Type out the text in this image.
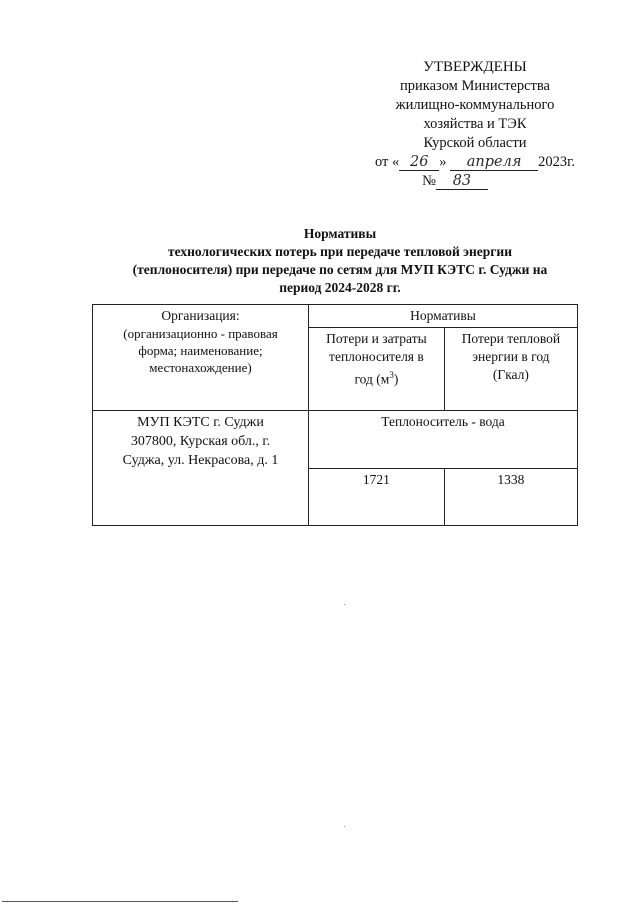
УТВЕРЖДЕНЫ
приказом Министерства
жилищно-коммунального
хозяйства и ТЭК
Курской области
от « 26 » апреля 2023г.
№ 83
Нормативы
технологических потерь при передаче тепловой энергии
(теплоносителя) при передаче по сетям для МУП КЭТС г. Суджи на
период 2024-2028 гг.
Организация:
(организационно - правовая
форма; наименование;
местонахождение)	Нормативы	

	Потери и затраты
теплоносителя в
год $(м^3)$	Потери тепловой
энергии в год
(Гкал)

МУП КЭТС г. Суджи
307800, Курская обл., г.
Суджа, ул. Некрасова, д. 1	Теплоноситель - вода	
	1721	1338
